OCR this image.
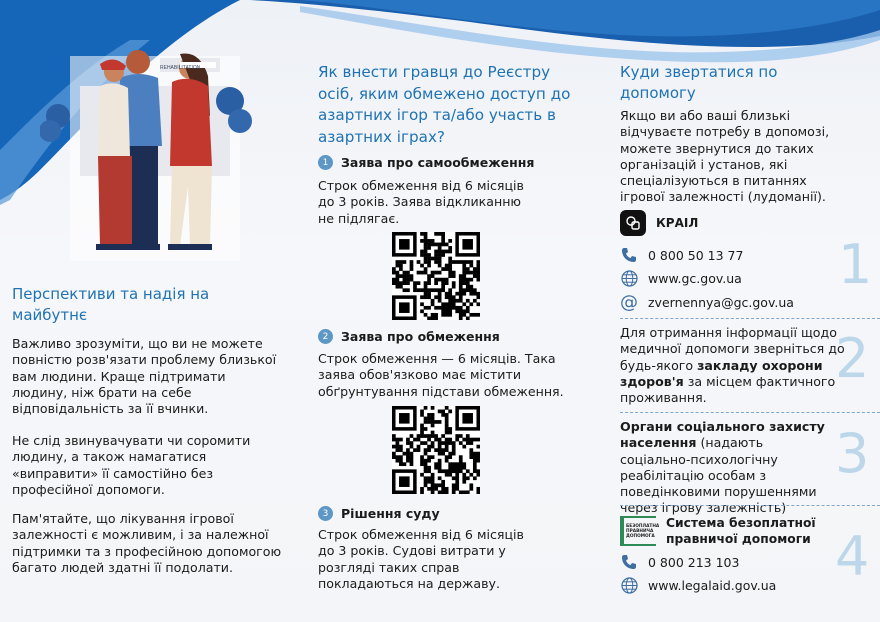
REHABILITATION
Перспективи та надія на майбутнє

Важливо зрозуміти, що ви не можете повністю розв'язати проблему близької вам людини. Краще підтримати людину, ніж брати на себе відповідальність за її вчинки.

Не слід звинувачувати чи соромити людину, а також намагатися «виправити» її самостійно без професійної допомоги.

Пам'ятайте, що лікування ігрової залежності є можливим, і за належної підтримки та з професійною допомогою багато людей здатні її подолати.

Як внести гравця до Реєстру осіб, яким обмежено доступ до азартних ігор та/або участь в азартних іграх?
1	Заява про самообмеження

Строк обмеження від 6 місяців до 3 років. Заява відкликанню не підлягає.

2	Заява про обмеження

Строк обмеження — 6 місяців. Така заява обов'язково має містити обґрунтування підстави обмеження.

3	Рішення суду

Строк обмеження від 6 місяців до 3 років. Судові витрати у розгляді таких справ покладаються на державу.

1
2
3
4
Куди звертатися по допомогу

Якщо ви або ваші близькі відчуваєте потребу в допомозі, можете звернутися до таких організацій і установ, які спеціалізуються в питаннях ігрової залежності (лудоманії).

КРАІЛ
0 800 50 13 77
www.gc.gov.ua
@ zvernennya@gc.gov.ua

Для отримання інформації щодо медичної допомоги зверніться до будь-якого закладу охорони здоров'я за місцем фактичного проживання.

Органи соціального захисту населення (надають соціально-психологічну реабілітацію особам з поведінковими порушеннями через ігрову залежність)

БЕЗОПЛАТНА ПРАВНИЧА ДОПОМОГА
Система безоплатної правничої допомоги
0 800 213 103
www.legalaid.gov.ua
